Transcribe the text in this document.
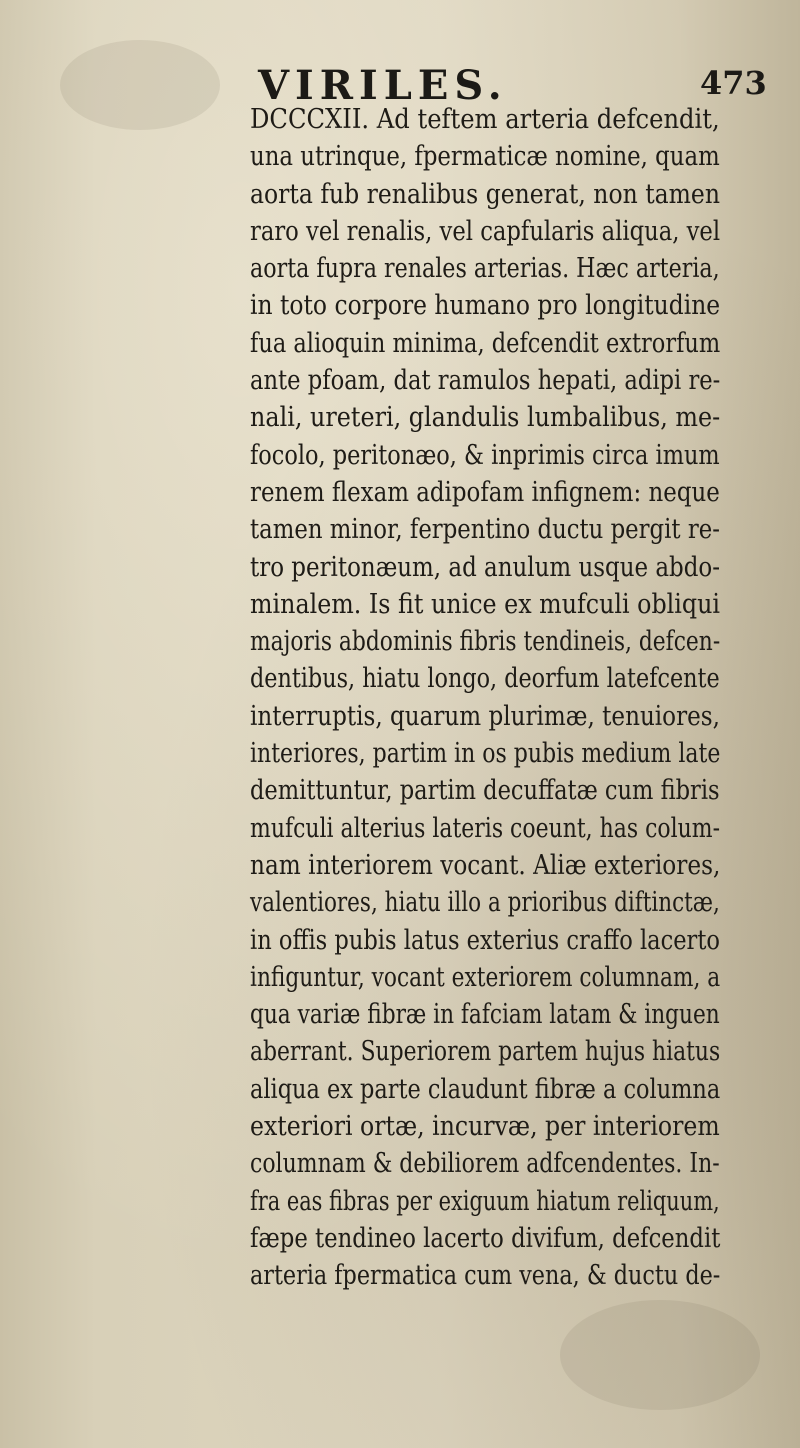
VIRILES.	473
DCCCXII. Ad teftem arteria defcendit,
una utrinque, fpermaticæ nomine, quam
aorta fub renalibus generat, non tamen
raro vel renalis, vel capfularis aliqua, vel
aorta fupra renales arterias. Hæc arteria,
in toto corpore humano pro longitudine
fua alioquin minima, defcendit extrorfum
ante pfoam, dat ramulos hepati, adipi re-
nali, ureteri, glandulis lumbalibus, me-
focolo, peritonæo, & inprimis circa imum
renem flexam adipofam infignem: neque
tamen minor, ferpentino ductu pergit re-
tro peritonæum, ad anulum usque abdo-
minalem. Is fit unice ex mufculi obliqui
majoris abdominis fibris tendineis, defcen-
dentibus, hiatu longo, deorfum latefcente
interruptis, quarum plurimæ, tenuiores,
interiores, partim in os pubis medium late
demittuntur, partim decuffatæ cum fibris
mufculi alterius lateris coeunt, has colum-
nam interiorem vocant. Aliæ exteriores,
valentiores, hiatu illo a prioribus diftinctæ,
in offis pubis latus exterius craffo lacerto
infiguntur, vocant exteriorem columnam, a
qua variæ fibræ in fafciam latam & inguen
aberrant. Superiorem partem hujus hiatus
aliqua ex parte claudunt fibræ a columna
exteriori ortæ, incurvæ, per interiorem
columnam & debiliorem adfcendentes. In-
fra eas fibras per exiguum hiatum reliquum,
fæpe tendineo lacerto divifum, defcendit
arteria fpermatica cum vena, & ductu de-
